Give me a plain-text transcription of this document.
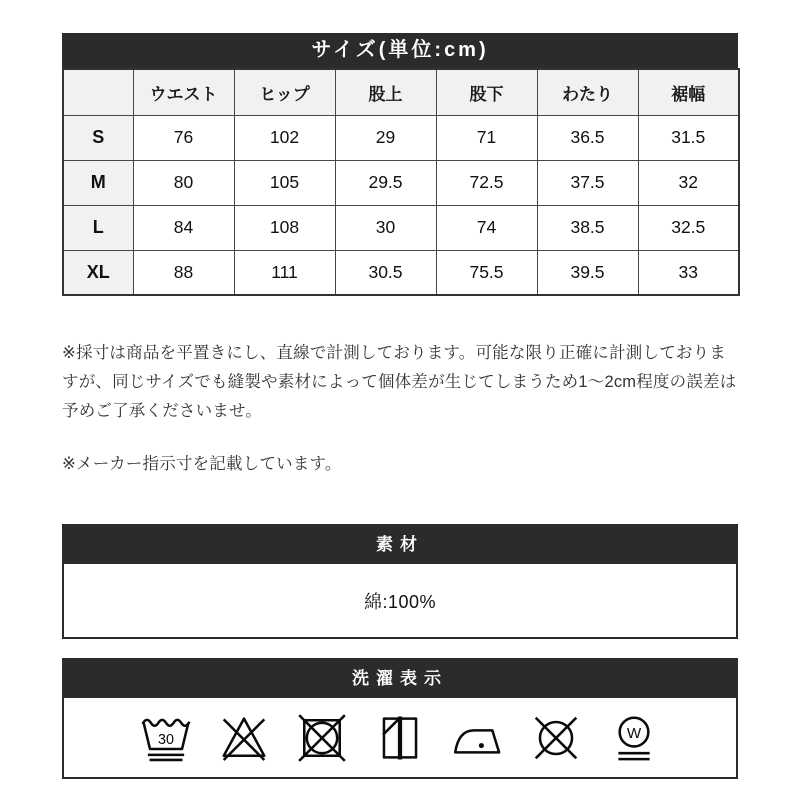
サイズ(単位:cm)
	ウエスト	ヒップ	股上	股下	わたり	裾幅
S	76	102	29	71	36.5	31.5
M	80	105	29.5	72.5	37.5	32
L	84	108	30	74	38.5	32.5
XL	88	111	30.5	75.5	39.5	33

※採寸は商品を平置きにし、直線で計測しております。可能な限り正確に計測しておりますが、同じサイズでも縫製や素材によって個体差が生じてしまうため1〜2cm程度の誤差は予めご了承くださいませ。

※メーカー指示寸を記載しています。

素材
綿:100%
洗濯表示
30	W
